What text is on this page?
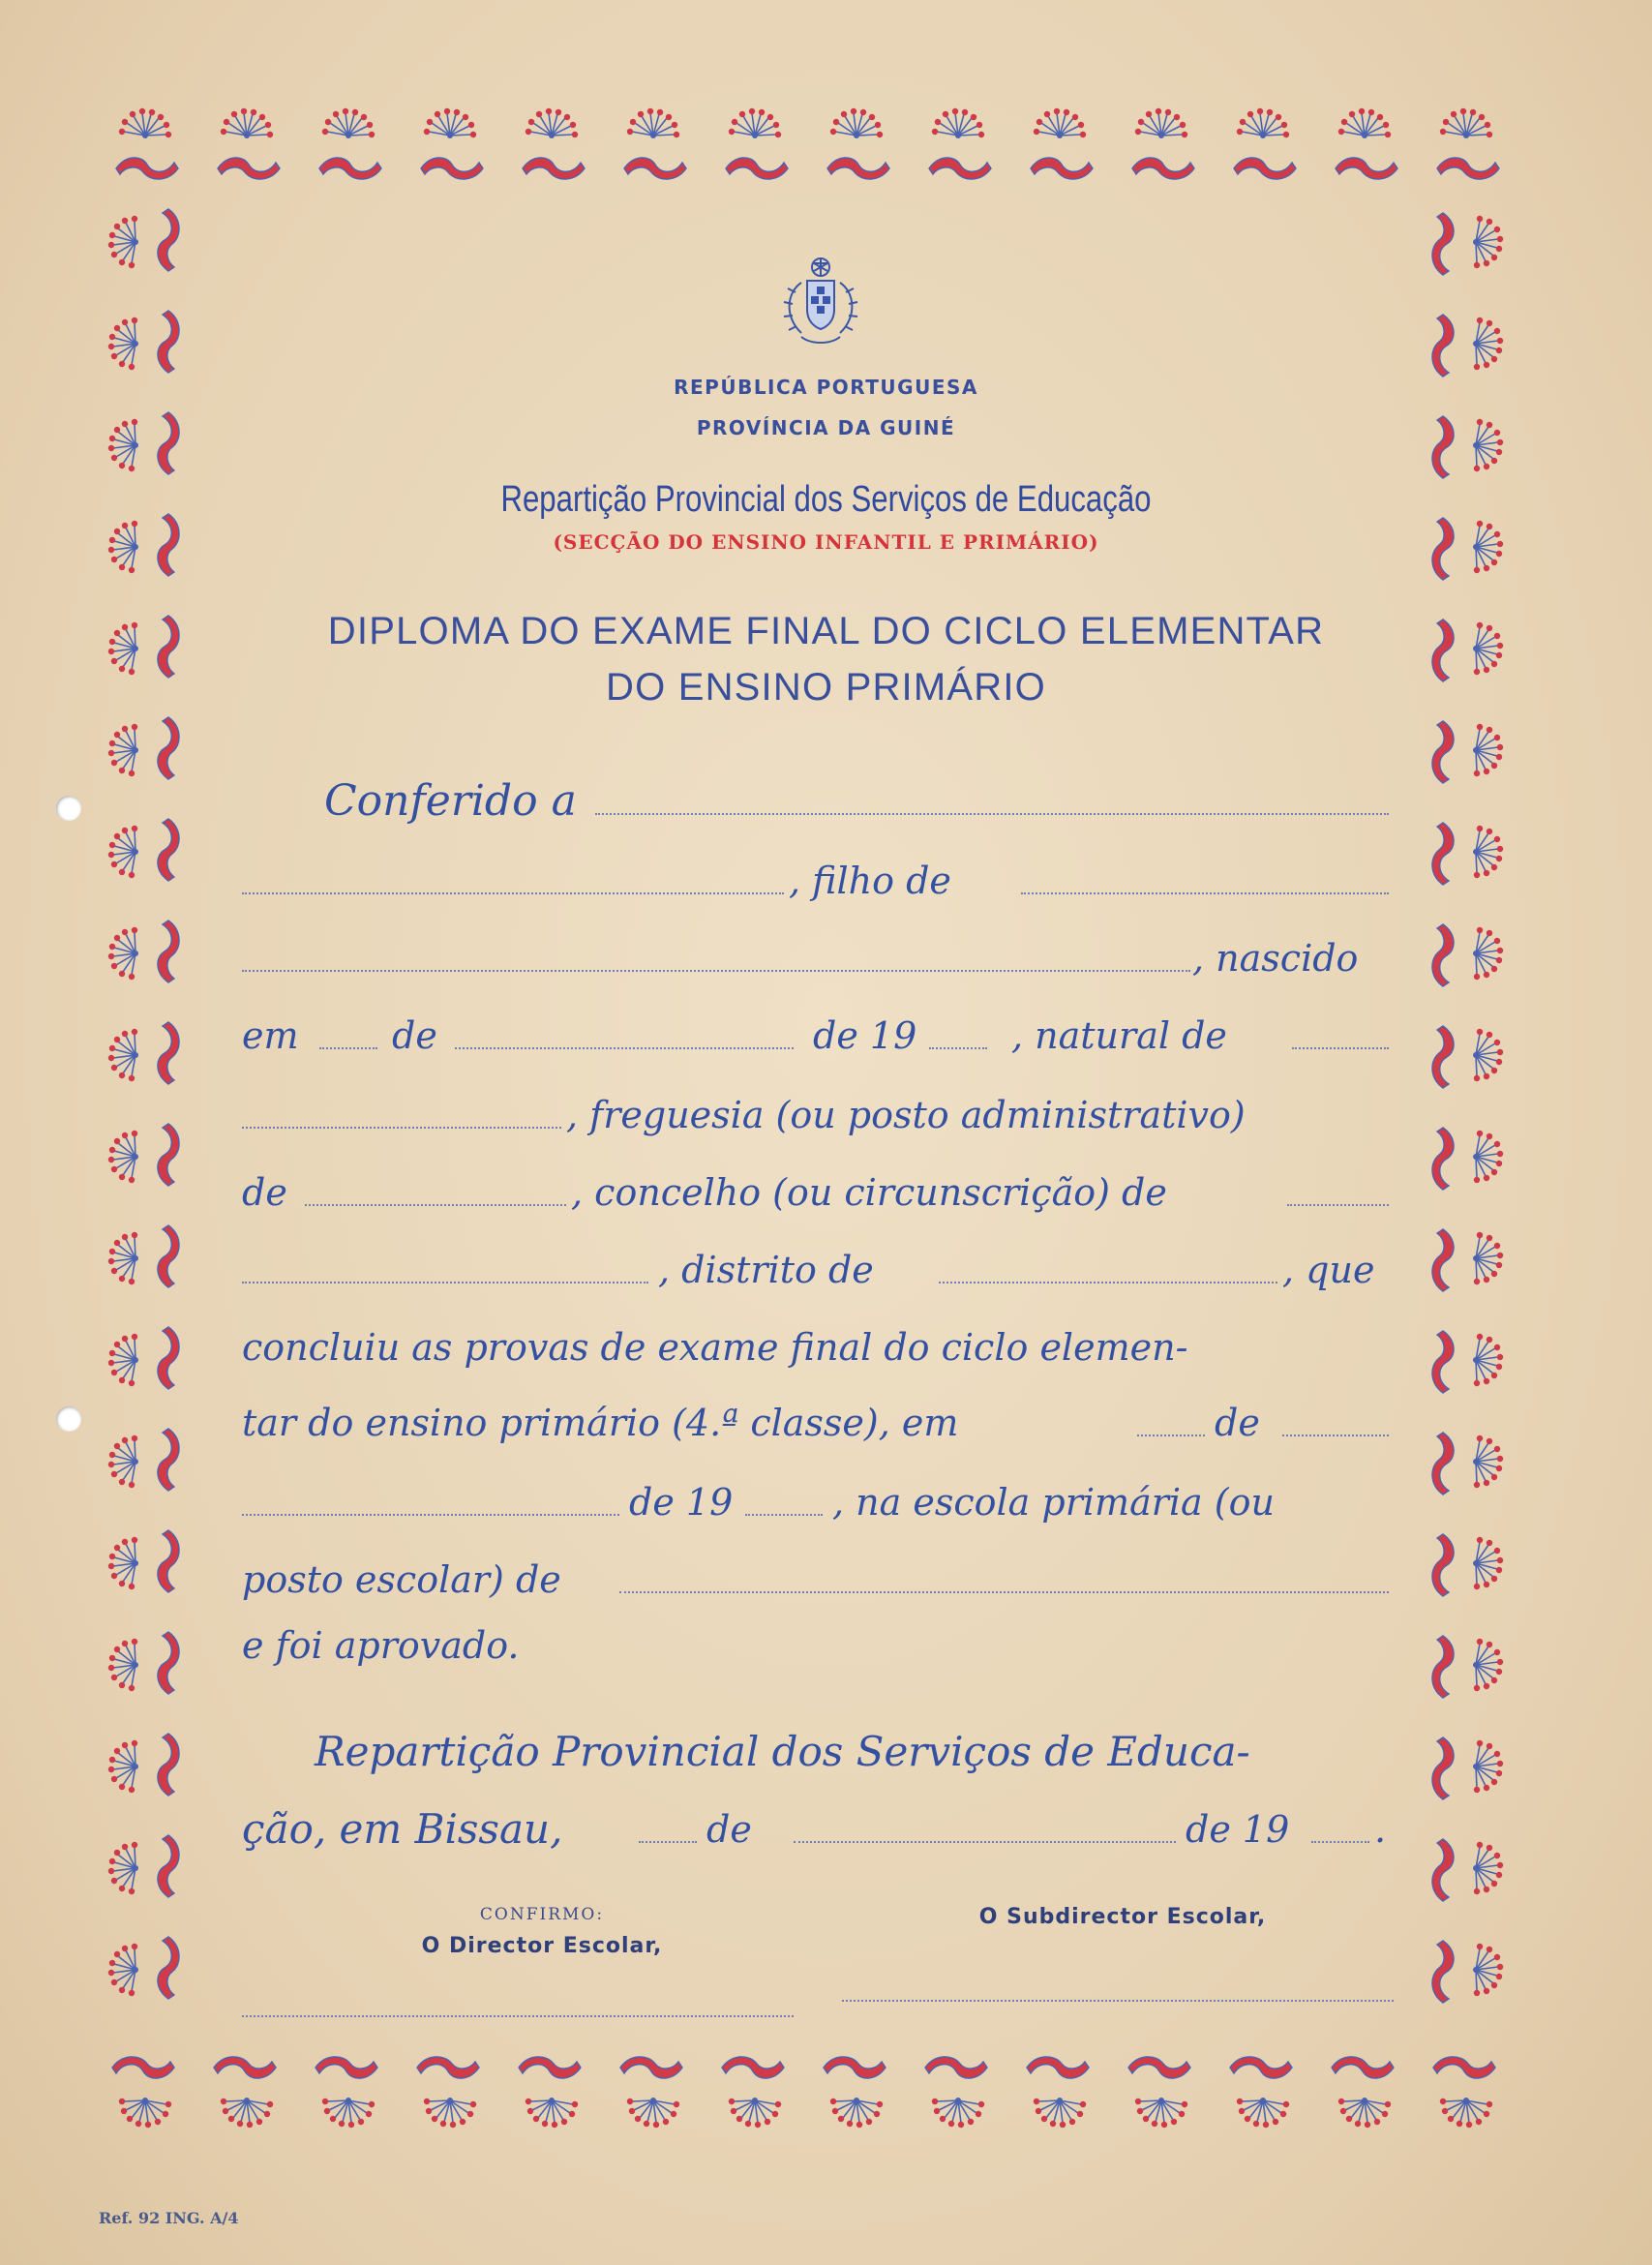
REPÚBLICA PORTUGUESA
PROVÍNCIA DA GUINÉ
Repartição Provincial dos Serviços de Educação
(SECÇÃO DO ENSINO INFANTIL E PRIMÁRIO)
DIPLOMA DO EXAME FINAL DO CICLO ELEMENTAR
DO ENSINO PRIMÁRIO
Conferido a
, filho de
, nascido
em	de	de 19	, natural de
, freguesia (ou posto administrativo)
de	, concelho (ou circunscrição) de
, distrito de	, que
concluiu as provas de exame final do ciclo elemen-
tar do ensino primário (4.ª classe), em	de
de 19	, na escola primária (ou
posto escolar) de
e foi aprovado.
Repartição Provincial dos Serviços de Educa-
ção, em Bissau,	de	de 19 .
CONFIRMO:
O Director Escolar,
O Subdirector Escolar,
Ref. 92 ING. A/4
